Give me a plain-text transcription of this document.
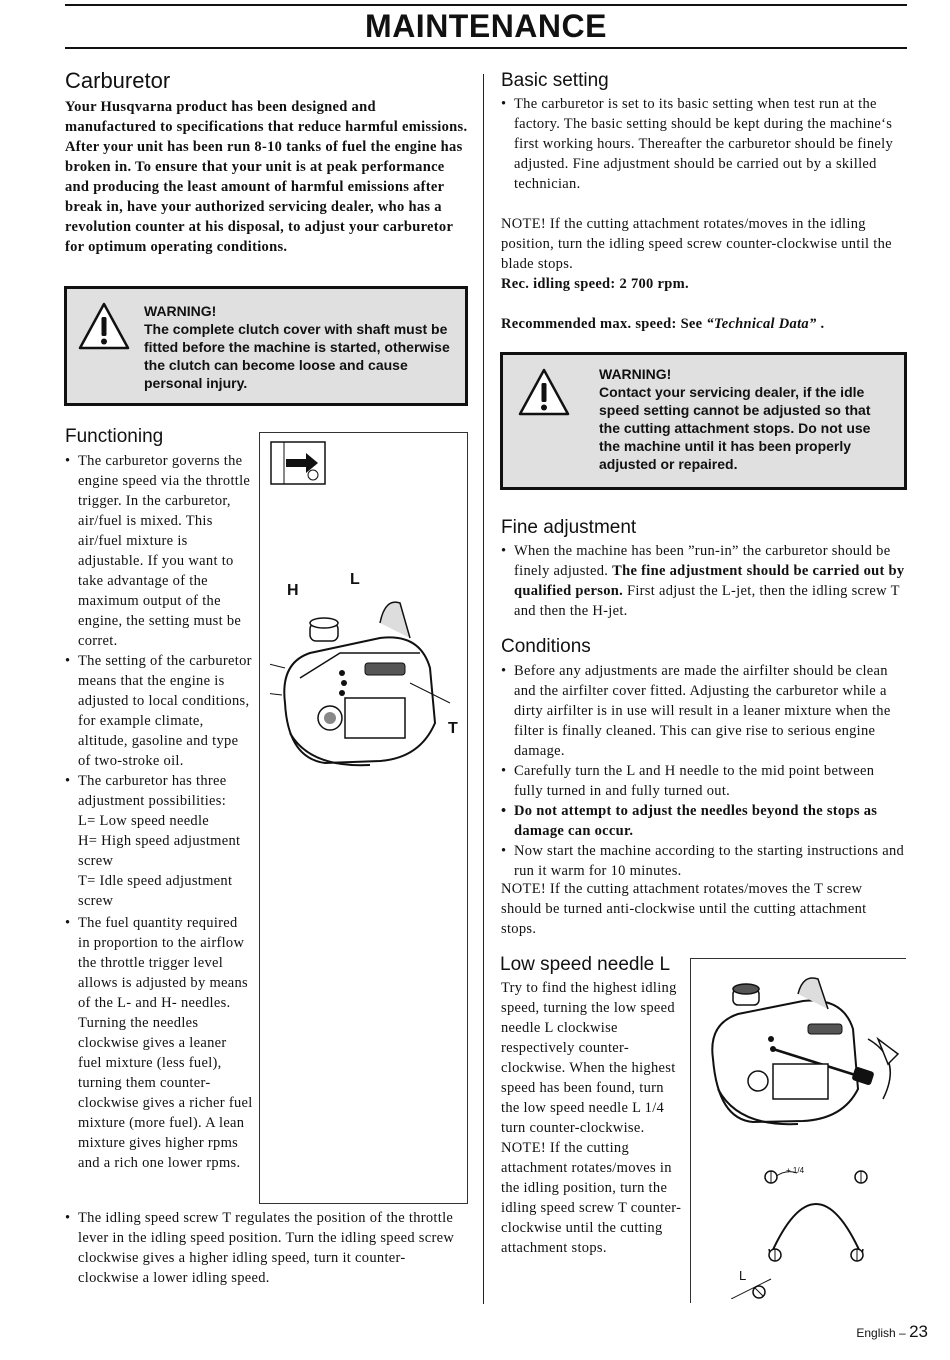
MAINTENANCE
Carburetor

Your Husqvarna product has been designed and manufactured to specifications that reduce harmful emissions.

After your unit has been run 8-10 tanks of fuel the engine has broken in. To ensure that your unit is at peak performance and producing the least amount of harmful emissions after break in, have your authorized servicing dealer, who has a revolution counter at his disposal, to adjust your carburetor for optimum operating conditions.

WARNING!
The complete clutch cover with shaft must be fitted before the machine is started, otherwise the clutch can become loose and cause personal injury.
Functioning
H
L
T
• The carburetor governs the engine speed via the throttle trigger. In the carburetor, air/fuel is mixed. This air/fuel mixture is adjustable. If you want to take advantage of the maximum output of the engine, the setting must be corret.
• The setting of the carburetor means that the engine is adjusted to local conditions, for example climate, altitude, gasoline and type of two-stroke oil.
• The carburetor has three adjustment possibilities:
L= Low speed needle
H= High speed adjustment screw
T= Idle speed adjustment screw
• The fuel quantity required in proportion to the airflow the throttle trigger level allows is adjusted by means of the L- and H- needles. Turning the needles clockwise gives a leaner fuel mixture (less fuel), turning them counter-clockwise gives a richer fuel mixture (more fuel). A lean mixture gives higher rpms and a rich one lower rpms.
• The idling speed screw T regulates the position of the throttle lever in the idling speed position. Turn the idling speed screw clockwise gives a higher idling speed, turn it counter-clockwise a lower idling speed.
Basic setting
• The carburetor is set to its basic setting when test run at the factory. The basic setting should be kept during the machine‘s first working hours. Thereafter the carburetor should be finely adjusted. Fine adjustment should be carried out by a skilled technician.

NOTE! If the cutting attachment rotates/moves in the idling position, turn the idling speed screw counter-clockwise until the blade stops.

Rec. idling speed: 2 700 rpm.

Recommended max. speed: See “Technical Data” .

WARNING!
Contact your servicing dealer, if the idle speed setting cannot be adjusted so that the cutting attachment stops. Do not use the machine until it has been properly adjusted or repaired.
Fine adjustment
• When the machine has been ”run-in” the carburetor should be finely adjusted. The fine adjustment should be carried out by qualified person. First adjust the L-jet, then the idling screw T and then the H-jet.
Conditions
• Before any adjustments are made the airfilter should be clean and the airfilter cover fitted. Adjusting the carburetor while a dirty airfilter is in use will result in a leaner mixture when the filter is finally cleaned. This can give rise to serious engine damage.
• Carefully turn the L and H needle to the mid point between fully turned in and fully turned out.
• Do not attempt to adjust the needles beyond the stops as damage can occur.
• Now start the machine according to the starting instructions and run it warm for 10 minutes.

NOTE! If the cutting attachment rotates/moves the T screw should be turned anti-clockwise until the cutting attachment stops.

Low speed needle L
+ 1/4
L

Try to find the highest idling speed, turning the low speed needle L clockwise respectively counter-clockwise. When the highest speed has been found, turn the low speed needle L 1/4 turn counter-clockwise.

NOTE! If the cutting attachment rotates/moves in the idling position, turn the idling speed screw T counter-clockwise until the cutting attachment stops.

English – 23
